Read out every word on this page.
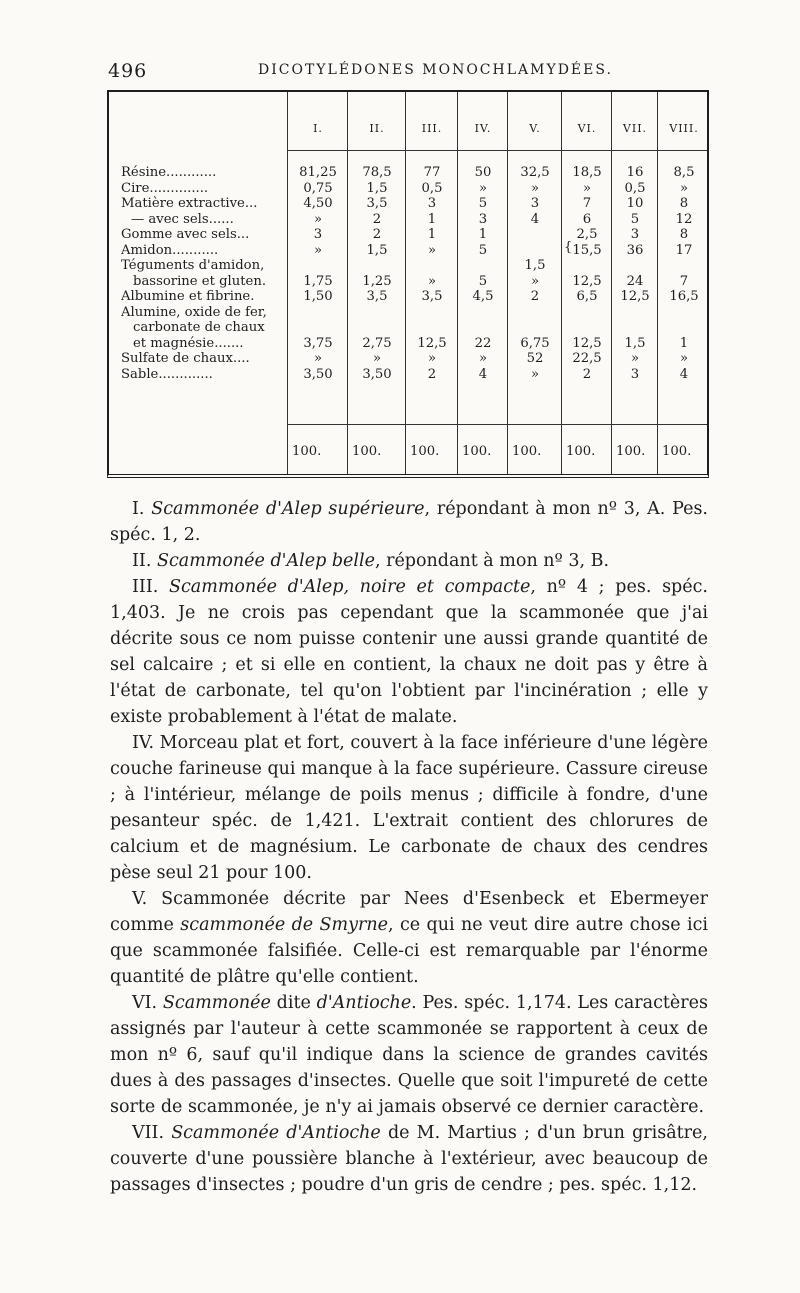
496	DICOTYLÉDONES MONOCHLAMYDÉES.
Résine............
Cire..............
Matière extractive...
— avec sels......
Gomme avec sels...
Amidon...........
Téguments d'amidon,
bassorine et gluten.
Albumine et fibrine.
Alumine, oxide de fer,
carbonate de chaux
et magnésie.......
Sulfate de chaux....
Sable.............
I.
81,25
0,75
4,50
»
3
»
1,75
1,50
3,75
»
3,50
100.
II.
78,5
1,5
3,5
2
2
1,5
1,25
3,5
2,75
»
3,50
100.
III.
77
0,5
3
1
1
»
»
3,5
12,5
»
2
100.
IV.
50
»
5
3
1
5
5
4,5
22
»
4
100.
V.
32,5
»
3
4
1,5
»
2
6,75
52
»
100.
VI.
18,5
»
7
6
2,5
15,5
12,5
6,5
12,5
22,5
2
100.
VII.
16
0,5
10
5
3
36
24
12,5
1,5
»
3
100.
VIII.
8,5
»
8
12
8
17
7
16,5
1
»
4
100.
{

I. Scammonée d'Alep supérieure, répondant à mon nº 3, A. Pes. spéc. 1, 2.

II. Scammonée d'Alep belle, répondant à mon nº 3, B.

III. Scammonée d'Alep, noire et compacte, nº 4 ; pes. spéc. 1,403. Je ne crois pas cependant que la scammonée que j'ai décrite sous ce nom puisse contenir une aussi grande quantité de sel calcaire ; et si elle en contient, la chaux ne doit pas y être à l'état de carbonate, tel qu'on l'obtient par l'incinération ; elle y existe probablement à l'état de malate.

IV. Morceau plat et fort, couvert à la face inférieure d'une légère couche farineuse qui manque à la face supérieure. Cassure cireuse ; à l'intérieur, mélange de poils menus ; difficile à fondre, d'une pesanteur spéc. de 1,421. L'extrait contient des chlorures de calcium et de magnésium. Le carbonate de chaux des cendres pèse seul 21 pour 100.

V. Scammonée décrite par Nees d'Esenbeck et Ebermeyer comme scammonée de Smyrne, ce qui ne veut dire autre chose ici que scammonée falsifiée. Celle-ci est remarquable par l'énorme quantité de plâtre qu'elle contient.

VI. Scammonée dite d'Antioche. Pes. spéc. 1,174. Les caractères assignés par l'auteur à cette scammonée se rapportent à ceux de mon nº 6, sauf qu'il indique dans la science de grandes cavités dues à des passages d'insectes. Quelle que soit l'impureté de cette sorte de scammonée, je n'y ai jamais observé ce dernier caractère.

VII. Scammonée d'Antioche de M. Martius ; d'un brun grisâtre, couverte d'une poussière blanche à l'extérieur, avec beaucoup de passages d'insectes ; poudre d'un gris de cendre ; pes. spéc. 1,12.
